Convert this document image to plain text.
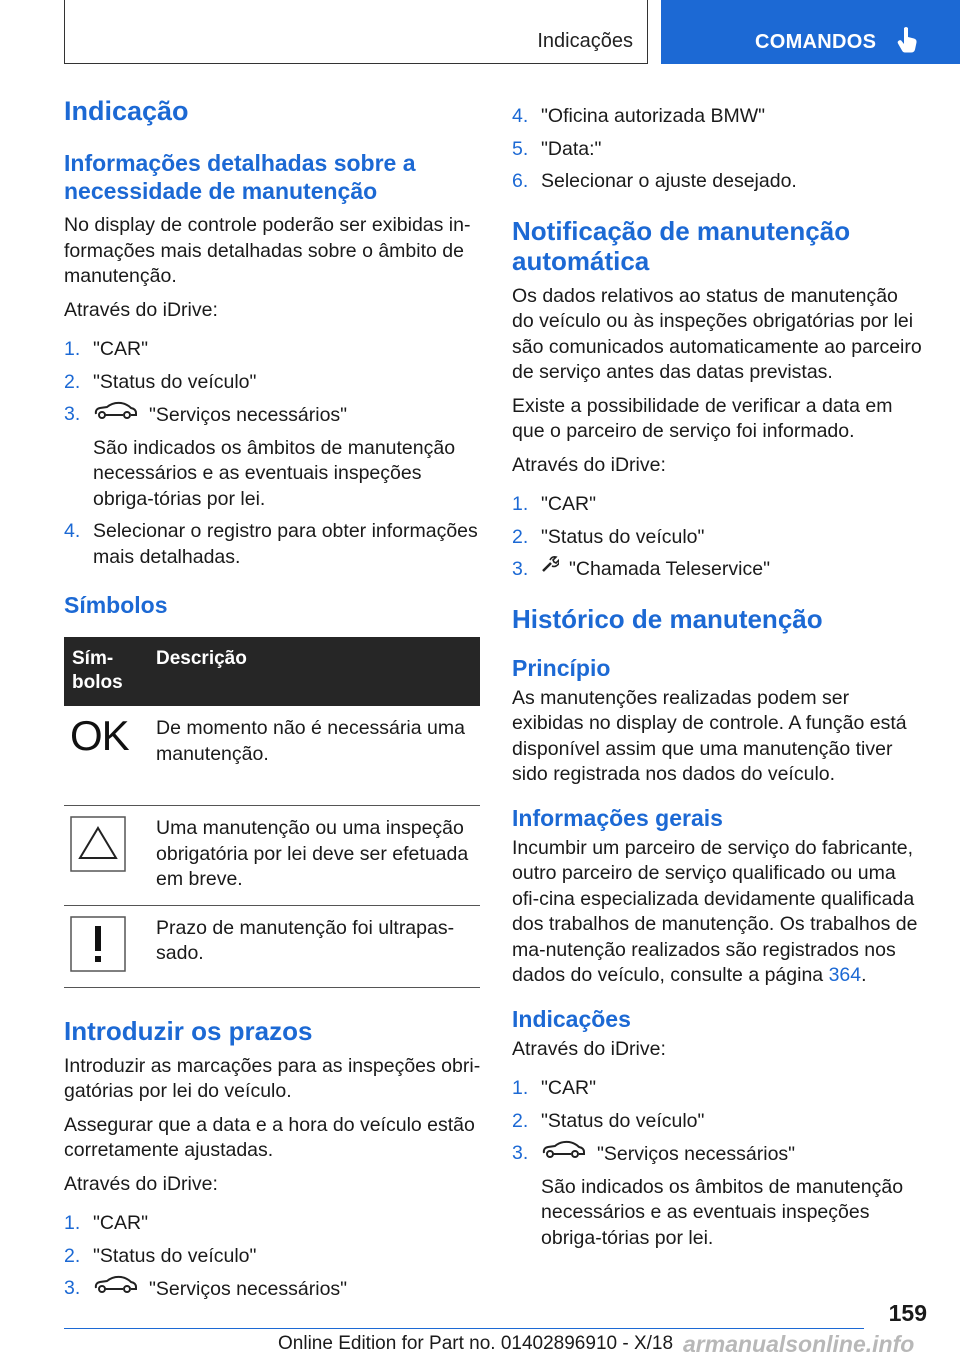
Indicações	COMANDOS
Indicação
Informações detalhadas sobre a necessidade de manutenção

No display de controle poderão ser exibidas in-formações mais detalhadas sobre o âmbito de manutenção.

Através do iDrive:

1. "CAR"
2. "Status do veículo"
3.	"Serviços necessários"
São indicados os âmbitos de manutenção necessários e as eventuais inspeções obriga-tórias por lei.
4. Selecionar o registro para obter informações mais detalhadas.
Símbolos
Sím-bolos	Descrição

OK	De momento não é necessária uma manutenção.

	Uma manutenção ou uma inspeção obrigatória por lei deve ser efetuada em breve.

	Prazo de manutenção foi ultrapas-sado.
Introduzir os prazos

Introduzir as marcações para as inspeções obri-gatórias por lei do veículo.

Assegurar que a data e a hora do veículo estão corretamente ajustadas.

Através do iDrive:

1. "CAR"
2. "Status do veículo"
3.	"Serviços necessários"
4. "Oficina autorizada BMW"
5. "Data:"
6. Selecionar o ajuste desejado.
Notificação de manutenção automática

Os dados relativos ao status de manutenção do veículo ou às inspeções obrigatórias por lei são comunicados automaticamente ao parceiro de serviço antes das datas previstas.

Existe a possibilidade de verificar a data em que o parceiro de serviço foi informado.

Através do iDrive:

1. "CAR"
2. "Status do veículo"
3. "Chamada Teleservice"
Histórico de manutenção
Princípio

As manutenções realizadas podem ser exibidas no display de controle. A função está disponível assim que uma manutenção tiver sido registrada nos dados do veículo.

Informações gerais

Incumbir um parceiro de serviço do fabricante, outro parceiro de serviço qualificado ou uma ofi-cina especializada devidamente qualificada dos trabalhos de manutenção. Os trabalhos de ma-nutenção realizados são registrados nos dados do veículo, consulte a página 364.

Indicações

Através do iDrive:

1. "CAR"
2. "Status do veículo"
3.	"Serviços necessários"
São indicados os âmbitos de manutenção necessários e as eventuais inspeções obriga-tórias por lei.
159
Online Edition for Part no. 01402896910 - X/18 armanualsonline.info
